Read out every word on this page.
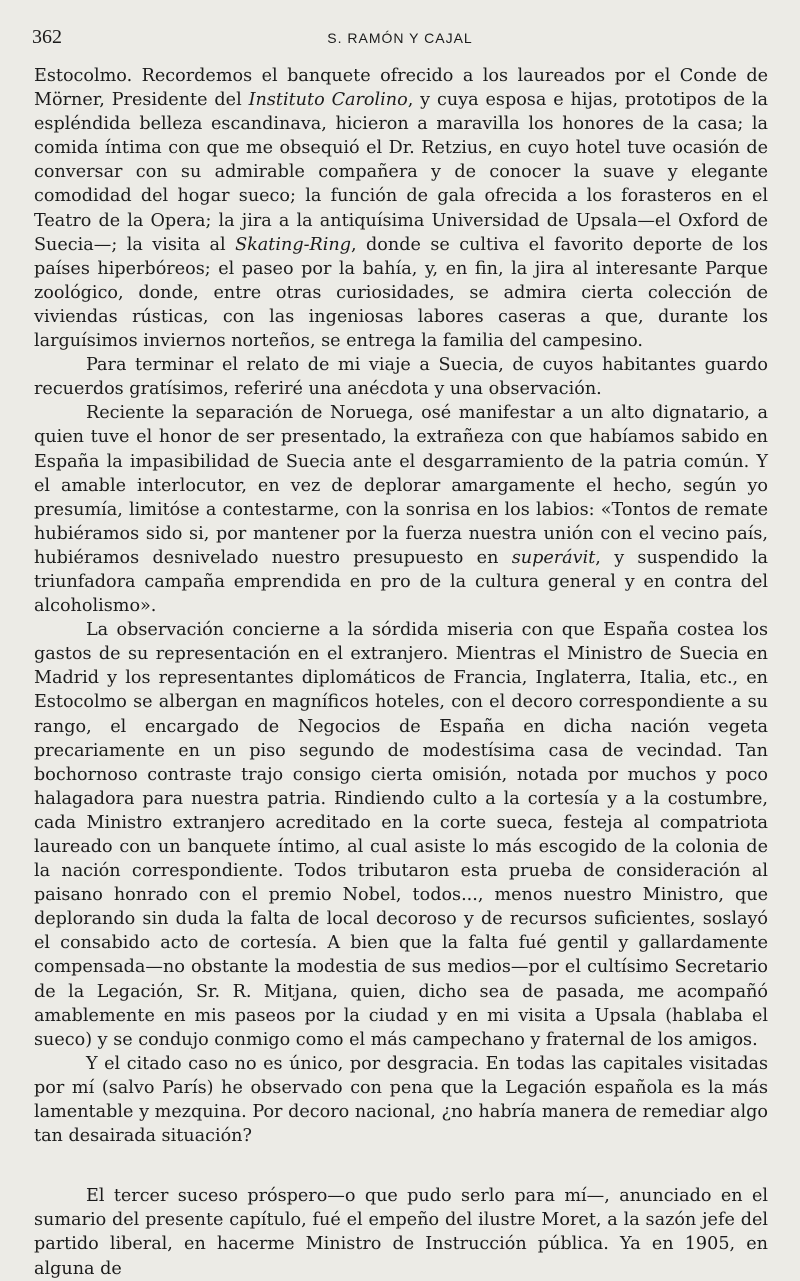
362	S. RAMÓN Y CAJAL

Estocolmo. Recordemos el banquete ofrecido a los laureados por el Conde de Mörner, Presidente del Instituto Carolino, y cuya esposa e hijas, prototipos de la espléndida belleza escandinava, hicieron a maravilla los honores de la casa; la comida íntima con que me obsequió el Dr. Retzius, en cuyo hotel tuve ocasión de conversar con su admirable compañera y de conocer la suave y elegante comodidad del hogar sueco; la función de gala ofrecida a los forasteros en el Teatro de la Opera; la jira a la antiquísima Universidad de Upsala—el Oxford de Suecia—; la visita al Skating-Ring, donde se cultiva el favorito deporte de los países hiperbóreos; el paseo por la bahía, y, en fin, la jira al interesante Parque zoológico, donde, entre otras curiosidades, se admira cierta colección de viviendas rústicas, con las ingeniosas labores caseras a que, durante los larguísimos inviernos norteños, se entrega la familia del campesino.

Para terminar el relato de mi viaje a Suecia, de cuyos habitantes guardo recuerdos gratísimos, referiré una anécdota y una observación.

Reciente la separación de Noruega, osé manifestar a un alto dignatario, a quien tuve el honor de ser presentado, la extrañeza con que habíamos sabido en España la impasibilidad de Suecia ante el desgarramiento de la patria común. Y el amable interlocutor, en vez de deplorar amargamente el hecho, según yo presumía, limitóse a contestarme, con la sonrisa en los labios: «Tontos de remate hubiéramos sido si, por mantener por la fuerza nuestra unión con el vecino país, hubiéramos desnivelado nuestro presupuesto en superávit, y suspendido la triunfadora campaña emprendida en pro de la cultura general y en contra del alcoholismo».

La observación concierne a la sórdida miseria con que España costea los gastos de su representación en el extranjero. Mientras el Ministro de Suecia en Madrid y los representantes diplomáticos de Francia, Inglaterra, Italia, etc., en Estocolmo se albergan en magníficos hoteles, con el decoro correspondiente a su rango, el encargado de Negocios de España en dicha nación vegeta precariamente en un piso segundo de modestísima casa de vecindad. Tan bochornoso contraste trajo consigo cierta omisión, notada por muchos y poco halagadora para nuestra patria. Rindiendo culto a la cortesía y a la costumbre, cada Ministro extranjero acreditado en la corte sueca, festeja al compatriota laureado con un banquete íntimo, al cual asiste lo más escogido de la colonia de la nación correspondiente. Todos tributaron esta prueba de consideración al paisano honrado con el premio Nobel, todos..., menos nuestro Ministro, que deplorando sin duda la falta de local decoroso y de recursos suficientes, soslayó el consabido acto de cortesía. A bien que la falta fué gentil y gallardamente compensada—no obstante la modestia de sus medios—por el cultísimo Secretario de la Legación, Sr. R. Mitjana, quien, dicho sea de pasada, me acompañó amablemente en mis paseos por la ciudad y en mi visita a Upsala (hablaba el sueco) y se condujo conmigo como el más campechano y fraternal de los amigos.

Y el citado caso no es único, por desgracia. En todas las capitales visitadas por mí (salvo París) he observado con pena que la Legación española es la más lamentable y mezquina. Por decoro nacional, ¿no habría manera de remediar algo tan desairada situación?

El tercer suceso próspero—o que pudo serlo para mí—, anunciado en el sumario del presente capítulo, fué el empeño del ilustre Moret, a la sazón jefe del partido liberal, en hacerme Ministro de Instrucción pública. Ya en 1905, en alguna de
